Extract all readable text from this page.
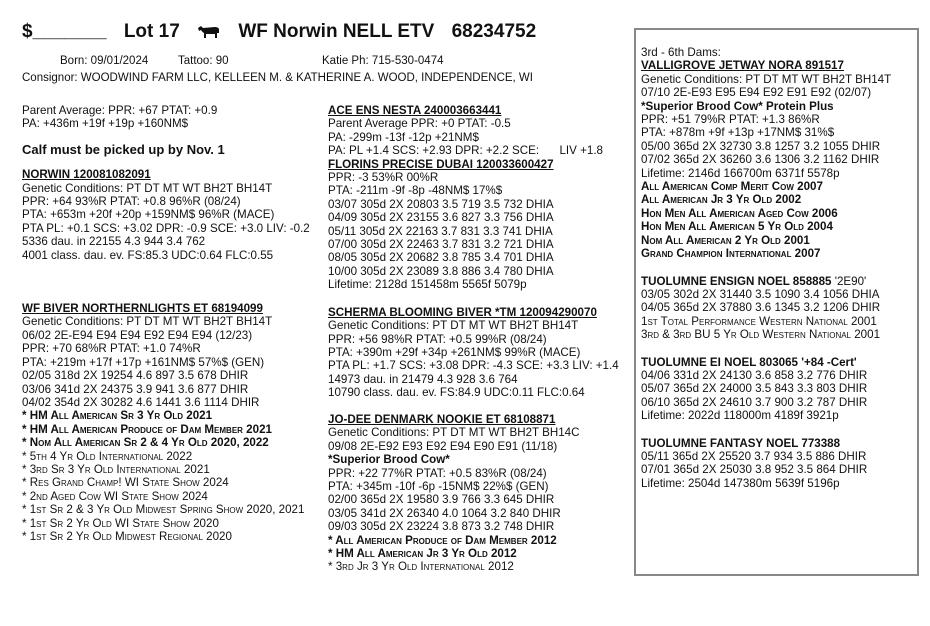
$_______ Lot 17	WF Norwin NELL ETV 68234752
Born: 09/01/2024	Tattoo: 90	Katie Ph: 715-530-0474
Consignor: WOODWIND FARM LLC, KELLEEN M. & KATHERINE A. WOOD, INDEPENDENCE, WI
Parent Average: PPR: +67 PTAT: +0.9
PA: +436m +19f +19p +160NM$
Calf must be picked up by Nov. 1
NORWIN 120081082091
Genetic Conditions: PT DT MT WT BH2T BH14T
PPR: +64 93%R PTAT: +0.8 96%R (08/24)
PTA: +653m +20f +20p +159NM$ 96%R (MACE)
PTA PL: +0.1 SCS: +3.02 DPR: -0.9 SCE: +3.0 LIV: -0.2
5336 dau. in 22155 4.3 944 3.4 762
4001 class. dau. ev. FS:85.3 UDC:0.64 FLC:0.55
WF BIVER NORTHERNLIGHTS ET 68194099
Genetic Conditions: PT DT MT WT BH2T BH14T
06/02 2E-E94 E94 E94 E92 E94 E94 (12/23)
PPR: +70 68%R PTAT: +1.0 74%R
PTA: +219m +17f +17p +161NM$ 57%$ (GEN)
02/05 318d 2X 19254 4.6 897 3.5 678 DHIR
03/06 341d 2X 24375 3.9 941 3.6 877 DHIR
04/02 354d 2X 30282 4.6 1441 3.6 1114 DHIR
* HM All American Sr 3 Yr Old 2021
* HM All American Produce of Dam Member 2021
* Nom All American Sr 2 & 4 Yr Old 2020, 2022
* 5th 4 Yr Old International 2022
* 3rd Sr 3 Yr Old International 2021
* Res Grand Champ! WI State Show 2024
* 2nd Aged Cow WI State Show 2024
* 1st Sr 2 & 3 Yr Old Midwest Spring Show 2020, 2021
* 1st Sr 2 Yr Old WI State Show 2020
* 1st Sr 2 Yr Old Midwest Regional 2020
ACE ENS NESTA 240003663441
Parent Average PPR: +0 PTAT: -0.5
PA: -299m -13f -12p +21NM$
PA: PL +1.4 SCS: +2.93 DPR: +2.2 SCE: LIV +1.8
FLORINS PRECISE DUBAI 120033600427
PPR: -3 53%R 00%R
PTA: -211m -9f -8p -48NM$ 17%$
03/07 305d 2X 20803 3.5 719 3.5 732 DHIA
04/09 305d 2X 23155 3.6 827 3.3 756 DHIA
05/11 305d 2X 22163 3.7 831 3.3 741 DHIA
07/00 305d 2X 22463 3.7 831 3.2 721 DHIA
08/05 305d 2X 20682 3.8 785 3.4 701 DHIA
10/00 305d 2X 23089 3.8 886 3.4 780 DHIA
Lifetime: 2128d 151458m 5565f 5079p
SCHERMA BLOOMING BIVER *TM 120094290070
Genetic Conditions: PT DT MT WT BH2T BH14T
PPR: +56 98%R PTAT: +0.5 99%R (08/24)
PTA: +390m +29f +34p +261NM$ 99%R (MACE)
PTA PL: +1.7 SCS: +3.08 DPR: -4.3 SCE: +3.3 LIV: +1.4
14973 dau. in 21479 4.3 928 3.6 764
10790 class. dau. ev. FS:84.9 UDC:0.11 FLC:0.64
JO-DEE DENMARK NOOKIE ET 68108871
Genetic Conditions: PT DT MT WT BH2T BH14C
09/08 2E-E92 E93 E92 E94 E90 E91 (11/18)
*Superior Brood Cow*
PPR: +22 77%R PTAT: +0.5 83%R (08/24)
PTA: +345m -10f -6p -15NM$ 22%$ (GEN)
02/00 365d 2X 19580 3.9 766 3.3 645 DHIR
03/05 341d 2X 26340 4.0 1064 3.2 840 DHIR
09/03 305d 2X 23224 3.8 873 3.2 748 DHIR
* All American Produce of Dam Member 2012
* HM All American Jr 3 Yr Old 2012
* 3rd Jr 3 Yr Old International 2012
3rd - 6th Dams:
VALLIGROVE JETWAY NORA 891517
Genetic Conditions: PT DT MT WT BH2T BH14T
07/10 2E-E93 E95 E94 E92 E91 E92 (02/07)
*Superior Brood Cow* Protein Plus
PPR: +51 79%R PTAT: +1.3 86%R
PTA: +878m +9f +13p +17NM$ 31%$
05/00 365d 2X 32730 3.8 1257 3.2 1055 DHIR
07/02 365d 2X 36260 3.6 1306 3.2 1162 DHIR
Lifetime: 2146d 166700m 6371f 5578p
All American Comp Merit Cow 2007
All American Jr 3 Yr Old 2002
Hon Men All American Aged Cow 2006
Hon Men All American 5 Yr Old 2004
Nom All American 2 Yr Old 2001
Grand Champion International 2007
TUOLUMNE ENSIGN NOEL 858885 '2E90'
03/05 302d 2X 31440 3.5 1090 3.4 1056 DHIA
04/05 365d 2X 37880 3.6 1345 3.2 1206 DHIR
1st Total Performance Western National 2001
3rd & 3rd BU 5 Yr Old Western National 2001
TUOLUMNE EI NOEL 803065 '+84 -Cert'
04/06 331d 2X 24130 3.6 858 3.2 776 DHIR
05/07 365d 2X 24000 3.5 843 3.3 803 DHIR
06/10 365d 2X 24610 3.7 900 3.2 787 DHIR
Lifetime: 2022d 118000m 4189f 3921p
TUOLUMNE FANTASY NOEL 773388
05/11 365d 2X 25520 3.7 934 3.5 886 DHIR
07/01 365d 2X 25030 3.8 952 3.5 864 DHIR
Lifetime: 2504d 147380m 5639f 5196p
